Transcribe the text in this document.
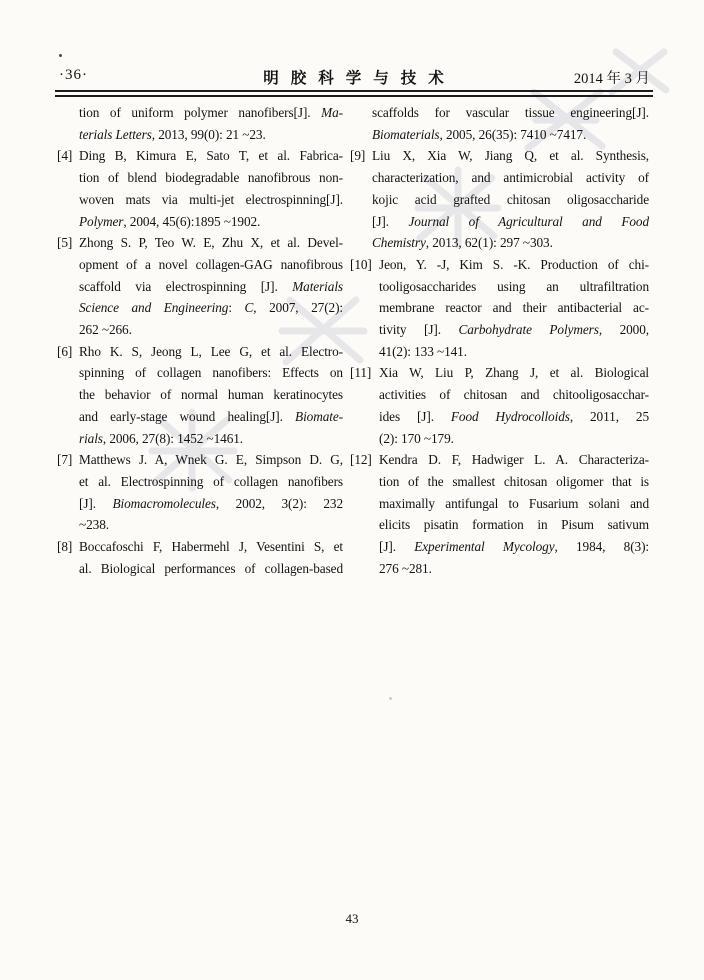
·36·	明胶科学与技术	2014 年 3 月
tion of uniform polymer nanofibers[J]. Ma-
terials Letters, 2013, 99(0): 21 ~23.
[4] Ding B, Kimura E, Sato T, et al. Fabrica-
tion of blend biodegradable nanofibrous non-
woven mats via multi-jet electrospinning[J].
Polymer, 2004, 45(6):1895 ~1902.
[5] Zhong S. P, Teo W. E, Zhu X, et al. Devel-
opment of a novel collagen-GAG nanofibrous
scaffold via electrospinning [J]. Materials
Science and Engineering: C, 2007, 27(2):
262 ~266.
[6] Rho K. S, Jeong L, Lee G, et al. Electro-
spinning of collagen nanofibers: Effects on
the behavior of normal human keratinocytes
and early-stage wound healing[J]. Biomate-
rials, 2006, 27(8): 1452 ~1461.
[7] Matthews J. A, Wnek G. E, Simpson D. G,
et al. Electrospinning of collagen nanofibers
[J]. Biomacromolecules, 2002, 3(2): 232
~238.
[8] Boccafoschi F, Habermehl J, Vesentini S, et
al. Biological performances of collagen-based
scaffolds for vascular tissue engineering[J].
Biomaterials, 2005, 26(35): 7410 ~7417.
[9] Liu X, Xia W, Jiang Q, et al. Synthesis,
characterization, and antimicrobial activity of
kojic acid grafted chitosan oligosaccharide
[J]. Journal of Agricultural and Food
Chemistry, 2013, 62(1): 297 ~303.
[10] Jeon, Y. -J, Kim S. -K. Production of chi-
tooligosaccharides using an ultrafiltration
membrane reactor and their antibacterial ac-
tivity [J]. Carbohydrate Polymers, 2000,
41(2): 133 ~141.
[11] Xia W, Liu P, Zhang J, et al. Biological
activities of chitosan and chitooligosacchar-
ides [J]. Food Hydrocolloids, 2011, 25
(2): 170 ~179.
[12] Kendra D. F, Hadwiger L. A. Characteriza-
tion of the smallest chitosan oligomer that is
maximally antifungal to Fusarium solani and
elicits pisatin formation in Pisum sativum
[J]. Experimental Mycology, 1984, 8(3):
276 ~281.
43
